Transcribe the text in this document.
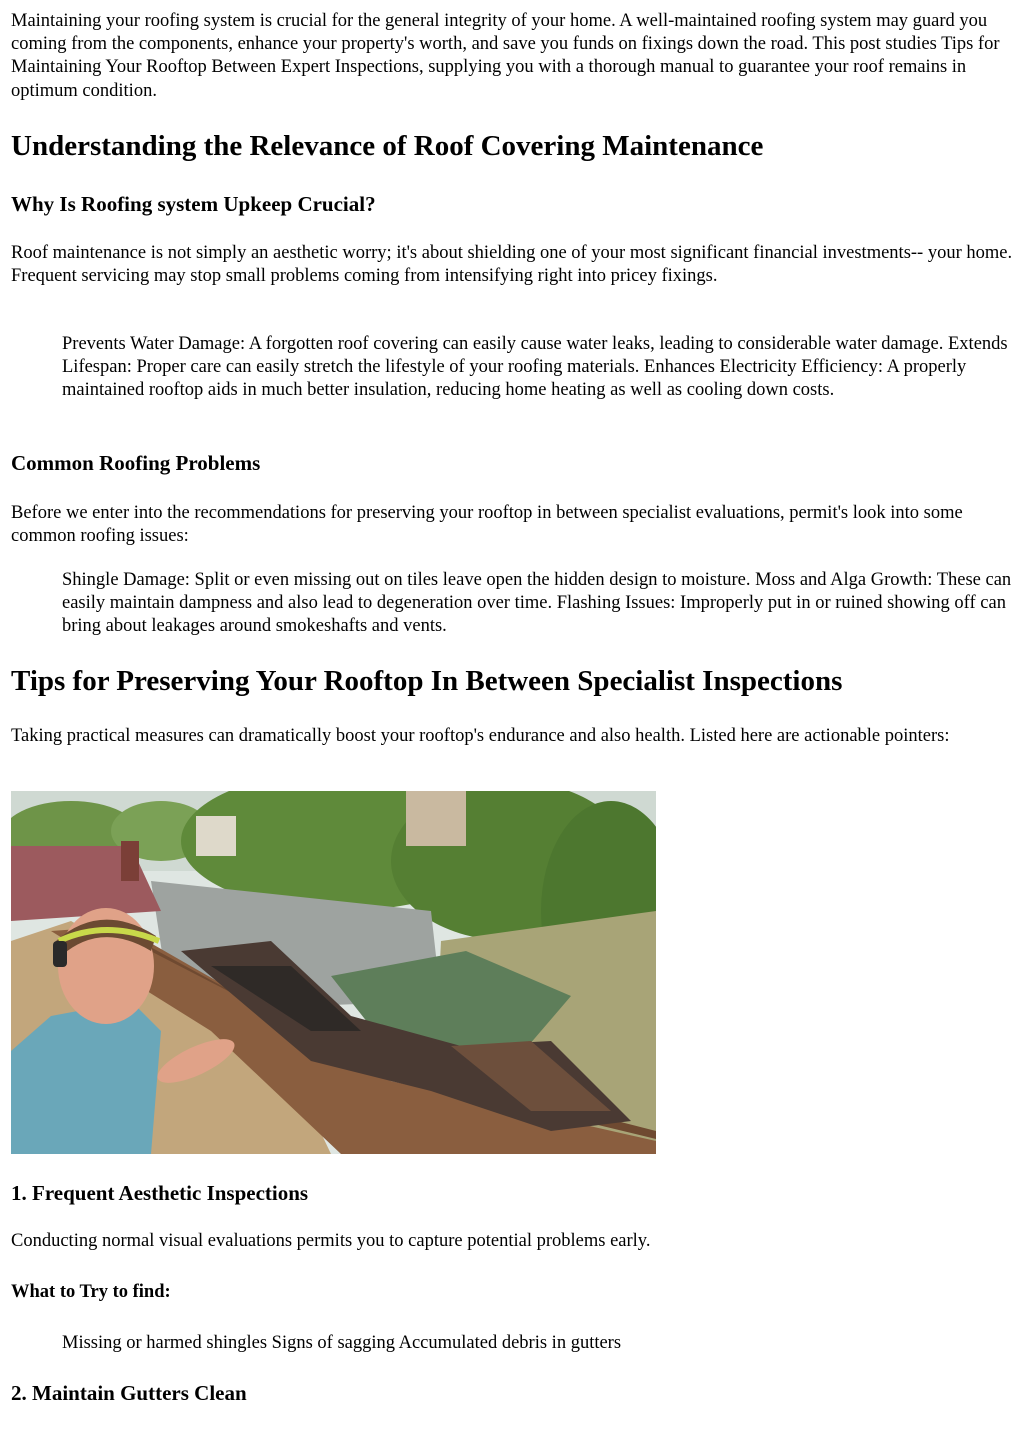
Maintaining your roofing system is crucial for the general integrity of your home. A well-maintained roofing system may guard you coming from the components, enhance your property's worth, and save you funds on fixings down the road. This post studies Tips for Maintaining Your Rooftop Between Expert Inspections, supplying you with a thorough manual to guarantee your roof remains in optimum condition.

Understanding the Relevance of Roof Covering Maintenance
Why Is Roofing system Upkeep Crucial?

Roof maintenance is not simply an aesthetic worry; it's about shielding one of your most significant financial investments-- your home. Frequent servicing may stop small problems coming from intensifying right into pricey fixings.

Prevents Water Damage: A forgotten roof covering can easily cause water leaks, leading to considerable water damage. Extends Lifespan: Proper care can easily stretch the lifestyle of your roofing materials. Enhances Electricity Efficiency: A properly maintained rooftop aids in much better insulation, reducing home heating as well as cooling down costs.

Common Roofing Problems

Before we enter into the recommendations for preserving your rooftop in between specialist evaluations, permit's look into some common roofing issues:

Shingle Damage: Split or even missing out on tiles leave open the hidden design to moisture. Moss and Alga Growth: These can easily maintain dampness and also lead to degeneration over time. Flashing Issues: Improperly put in or ruined showing off can bring about leakages around smokeshafts and vents.

Tips for Preserving Your Rooftop In Between Specialist Inspections

Taking practical measures can dramatically boost your rooftop's endurance and also health. Listed here are actionable pointers:

1. Frequent Aesthetic Inspections

Conducting normal visual evaluations permits you to capture potential problems early.

What to Try to find:

Missing or harmed shingles Signs of sagging Accumulated debris in gutters

2. Maintain Gutters Clean
